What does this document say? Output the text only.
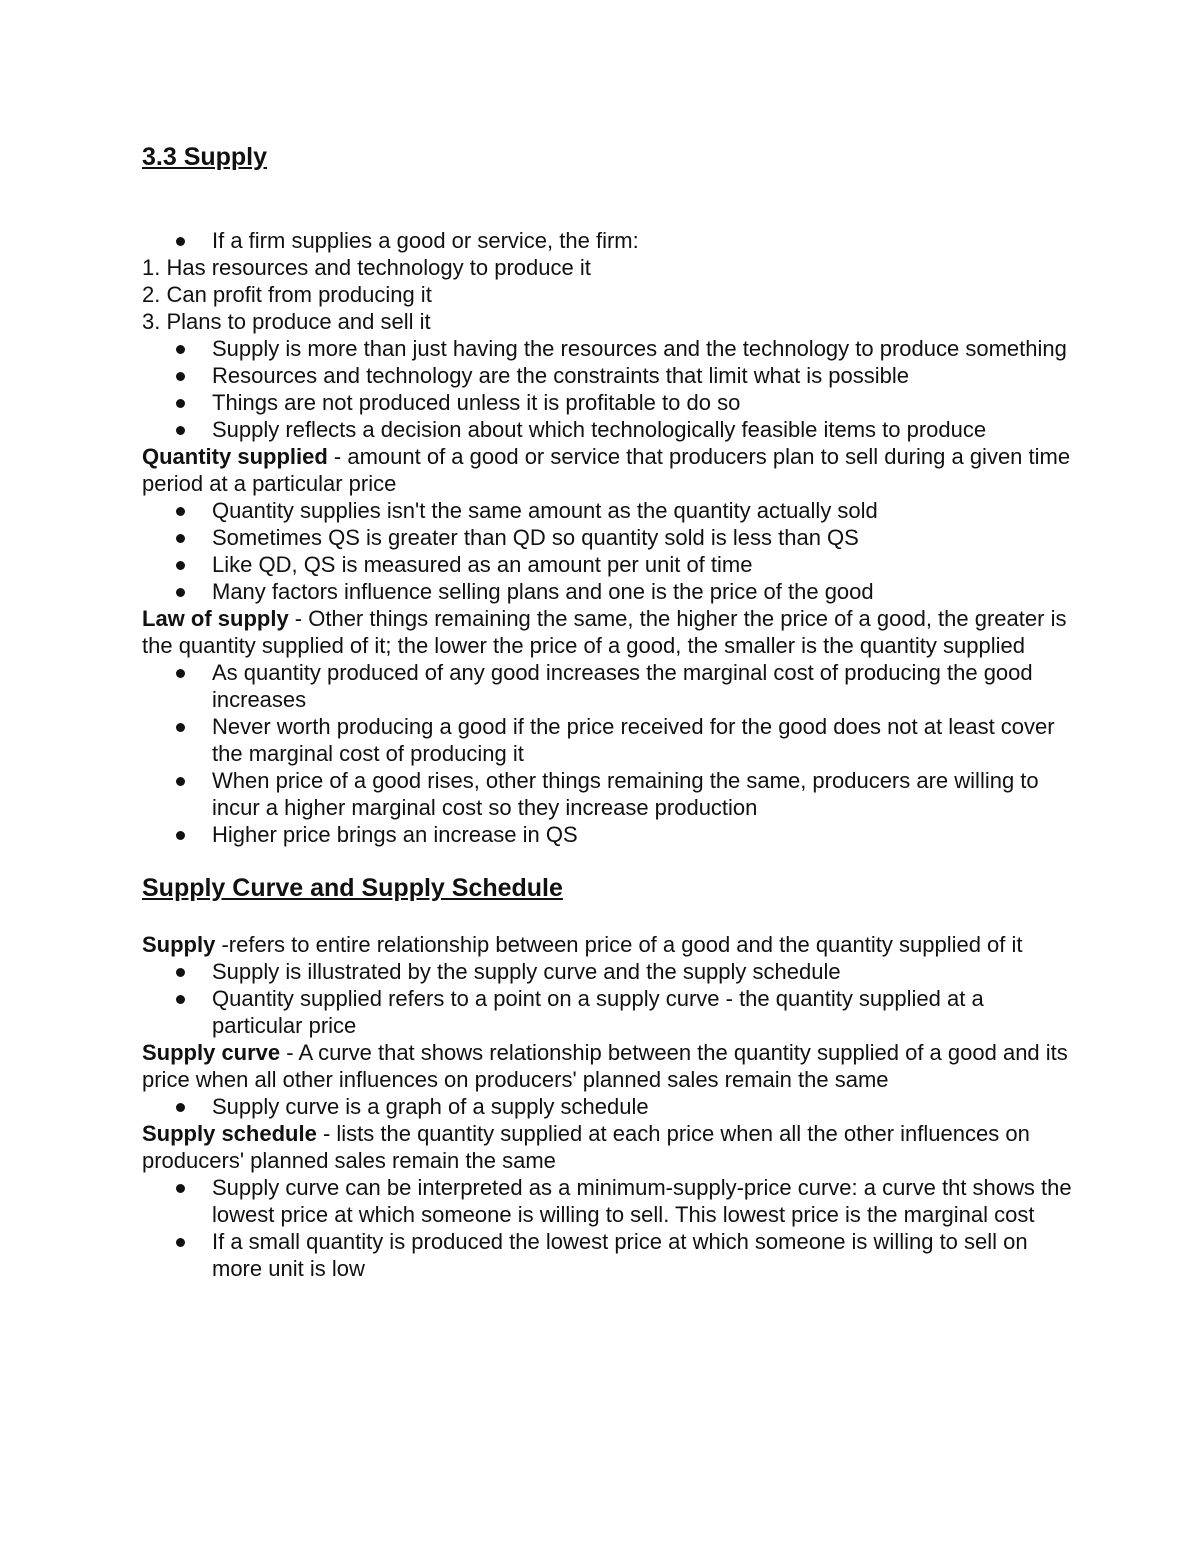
3.3 Supply
If a firm supplies a good or service, the firm:
1. Has resources and technology to produce it
2. Can profit from producing it
3. Plans to produce and sell it
Supply is more than just having the resources and the technology to produce something
Resources and technology are the constraints that limit what is possible
Things are not produced unless it is profitable to do so
Supply reflects a decision about which technologically feasible items to produce

Quantity supplied - amount of a good or service that producers plan to sell during a given time period at a particular price

Quantity supplies isn't the same amount as the quantity actually sold
Sometimes QS is greater than QD so quantity sold is less than QS
Like QD, QS is measured as an amount per unit of time
Many factors influence selling plans and one is the price of the good

Law of supply - Other things remaining the same, the higher the price of a good, the greater is the quantity supplied of it; the lower the price of a good, the smaller is the quantity supplied

As quantity produced of any good increases the marginal cost of producing the good increases
Never worth producing a good if the price received for the good does not at least cover the marginal cost of producing it
When price of a good rises, other things remaining the same, producers are willing to incur a higher marginal cost so they increase production
Higher price brings an increase in QS
Supply Curve and Supply Schedule

Supply -refers to entire relationship between price of a good and the quantity supplied of it

Supply is illustrated by the supply curve and the supply schedule
Quantity supplied refers to a point on a supply curve - the quantity supplied at a particular price

Supply curve - A curve that shows relationship between the quantity supplied of a good and its price when all other influences on producers' planned sales remain the same

Supply curve is a graph of a supply schedule

Supply schedule - lists the quantity supplied at each price when all the other influences on producers' planned sales remain the same

Supply curve can be interpreted as a minimum-supply-price curve: a curve tht shows the lowest price at which someone is willing to sell. This lowest price is the marginal cost
If a small quantity is produced the lowest price at which someone is willing to sell on more unit is low
